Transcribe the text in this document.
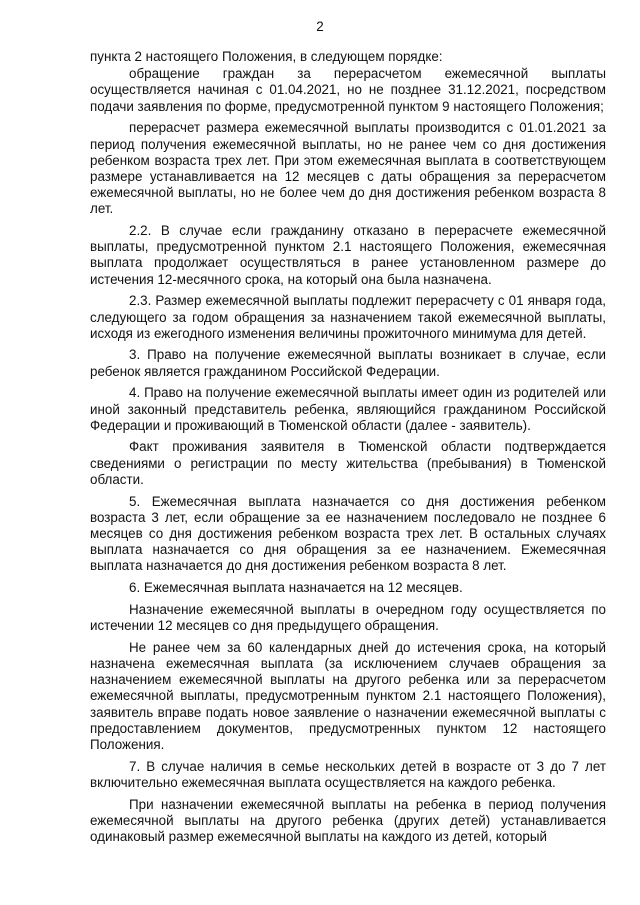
2

пункта 2 настоящего Положения, в следующем порядке:

обращение граждан за перерасчетом ежемесячной выплаты осуществляется начиная с 01.04.2021, но не позднее 31.12.2021, посредством подачи заявления по форме, предусмотренной пунктом 9 настоящего Положения;

перерасчет размера ежемесячной выплаты производится с 01.01.2021 за период получения ежемесячной выплаты, но не ранее чем со дня достижения ребенком возраста трех лет. При этом ежемесячная выплата в соответствующем размере устанавливается на 12 месяцев с даты обращения за перерасчетом ежемесячной выплаты, но не более чем до дня достижения ребенком возраста 8 лет.

2.2. В случае если гражданину отказано в перерасчете ежемесячной выплаты, предусмотренной пунктом 2.1 настоящего Положения, ежемесячная выплата продолжает осуществляться в ранее установленном размере до истечения 12-месячного срока, на который она была назначена.

2.3. Размер ежемесячной выплаты подлежит перерасчету с 01 января года, следующего за годом обращения за назначением такой ежемесячной выплаты, исходя из ежегодного изменения величины прожиточного минимума для детей.

3. Право на получение ежемесячной выплаты возникает в случае, если ребенок является гражданином Российской Федерации.

4. Право на получение ежемесячной выплаты имеет один из родителей или иной законный представитель ребенка, являющийся гражданином Российской Федерации и проживающий в Тюменской области (далее - заявитель).

Факт проживания заявителя в Тюменской области подтверждается сведениями о регистрации по месту жительства (пребывания) в Тюменской области.

5. Ежемесячная выплата назначается со дня достижения ребенком возраста 3 лет, если обращение за ее назначением последовало не позднее 6 месяцев со дня достижения ребенком возраста трех лет. В остальных случаях выплата назначается со дня обращения за ее назначением. Ежемесячная выплата назначается до дня достижения ребенком возраста 8 лет.

6. Ежемесячная выплата назначается на 12 месяцев.

Назначение ежемесячной выплаты в очередном году осуществляется по истечении 12 месяцев со дня предыдущего обращения.

Не ранее чем за 60 календарных дней до истечения срока, на который назначена ежемесячная выплата (за исключением случаев обращения за назначением ежемесячной выплаты на другого ребенка или за перерасчетом ежемесячной выплаты, предусмотренным пунктом 2.1 настоящего Положения), заявитель вправе подать новое заявление о назначении ежемесячной выплаты с предоставлением документов, предусмотренных пунктом 12 настоящего Положения.

7. В случае наличия в семье нескольких детей в возрасте от 3 до 7 лет включительно ежемесячная выплата осуществляется на каждого ребенка.

При назначении ежемесячной выплаты на ребенка в период получения ежемесячной выплаты на другого ребенка (других детей) устанавливается одинаковый размер ежемесячной выплаты на каждого из детей, который
